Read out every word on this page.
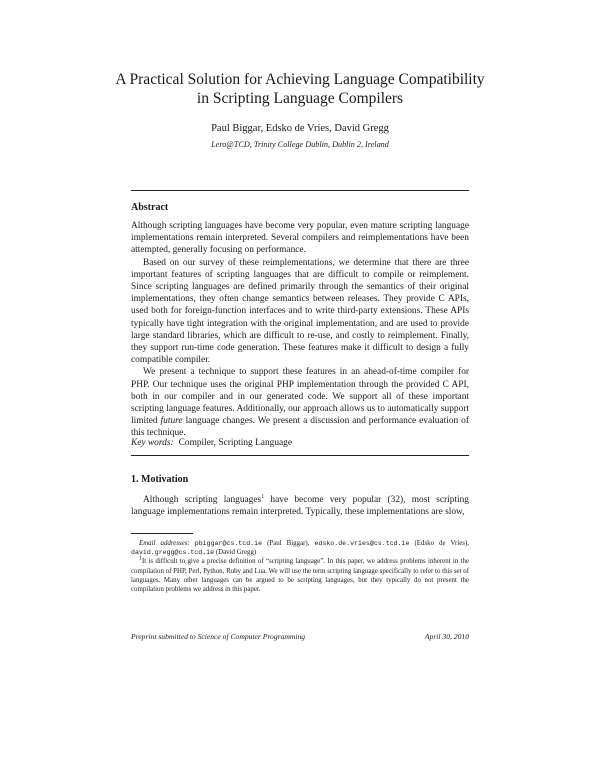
A Practical Solution for Achieving Language Compatibility
in Scripting Language Compilers
Paul Biggar, Edsko de Vries, David Gregg
Lero@TCD, Trinity College Dublin, Dublin 2, Ireland
Abstract

Although scripting languages have become very popular, even mature scripting language implementations remain interpreted. Several compilers and reimplementations have been attempted, generally focusing on performance.

Based on our survey of these reimplementations, we determine that there are three important features of scripting languages that are difficult to compile or reimplement. Since scripting languages are defined primarily through the semantics of their original implementations, they often change semantics between releases. They provide C APIs, used both for foreign-function interfaces and to write third-party extensions. These APIs typically have tight integration with the original implementation, and are used to provide large standard libraries, which are difficult to re-use, and costly to reimplement. Finally, they support run-time code generation. These features make it difficult to design a fully compatible compiler.

We present a technique to support these features in an ahead-of-time compiler for PHP. Our technique uses the original PHP implementation through the provided C API, both in our compiler and in our generated code. We support all of these important scripting language features. Additionally, our approach allows us to automatically support limited future language changes. We present a discussion and performance evaluation of this technique.

Key words: Compiler, Scripting Language
1. Motivation

Although scripting languages$^1$ have become very popular (32), most scripting language implementations remain interpreted. Typically, these implementations are slow,

Email addresses: pbiggar@cs.tcd.ie (Paul Biggar), edsko.de.vries@cs.tcd.ie (Edsko de Vries), david.gregg@cs.tcd.ie (David Gregg)

$^1$It is difficult to give a precise definition of “scripting language”. In this paper, we address problems inherent in the compilation of PHP, Perl, Python, Ruby and Lua. We will use the term scripting language specifically to refer to this set of languages. Many other languages can be argued to be scripting languages, but they typically do not present the compilation problems we address in this paper.

Preprint submitted to Science of Computer Programming	April 30, 2010
